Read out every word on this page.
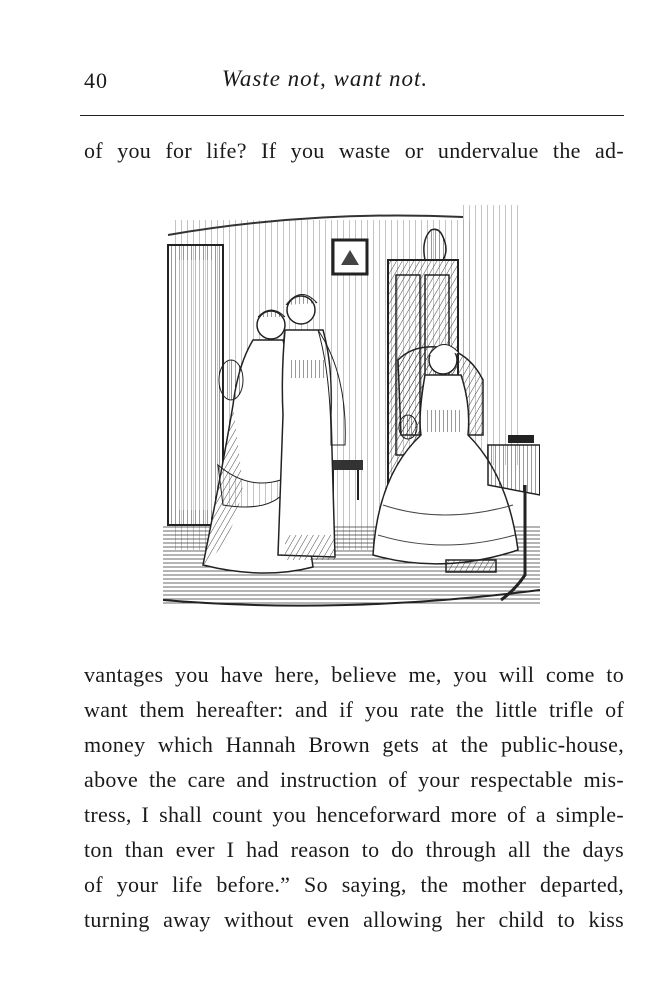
40	Waste not, want not.
of you for life? If you waste or undervalue the ad-
vantages you have here, believe me, you will come to
want them hereafter: and if you rate the little trifle of
money which Hannah Brown gets at the public-house,
above the care and instruction of your respectable mis-
tress, I shall count you henceforward more of a simple-
ton than ever I had reason to do through all the days
of your life before.” So saying, the mother departed,
turning away without even allowing her child to kiss
